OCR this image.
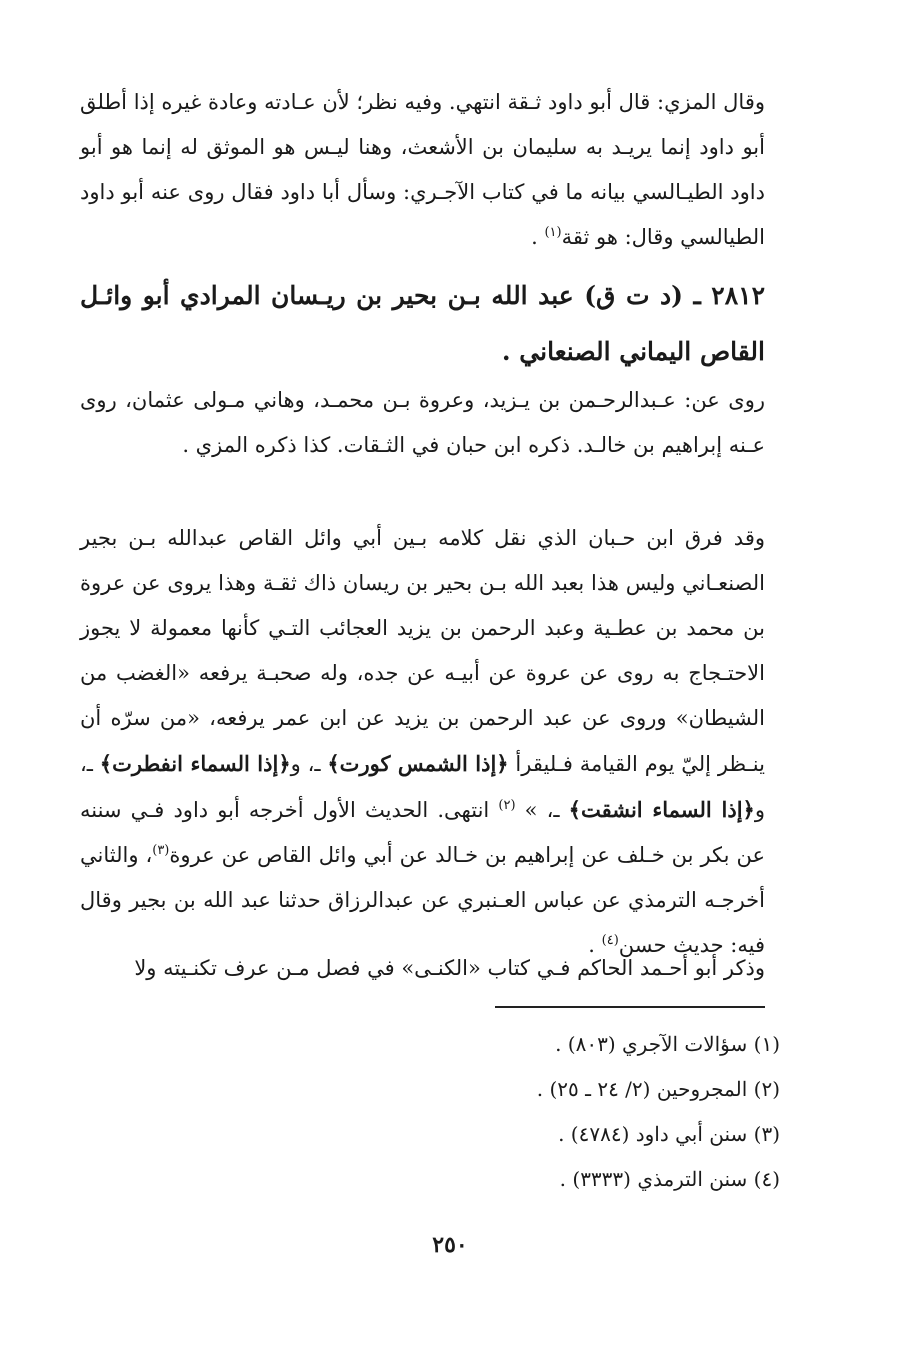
وقال المزي: قال أبو داود ثـقة انتهي. وفيه نظر؛ لأن عـادته وعادة غيره إذا أطلق أبو داود إنما يريـد به سليمان بن الأشعث، وهنا ليـس هو الموثق له إنما هو أبو داود الطيـالسي بيانه ما في كتاب الآجـري: وسأل أبا داود فقال روى عنه أبو داود الطيالسي وقال: هو ثقة$^{(١)}$ .
٢٨١٢ ـ (د ت ق) عبد الله بـن بحير بن ريـسان المرادي أبو وائـل القاص اليماني الصنعاني .
روى عن: عـبدالرحـمن بن يـزيد، وعروة بـن محمـد، وهاني مـولى عثمان، روى عـنه إبراهيم بن خالـد. ذكره ابن حبان في الثـقات. كذا ذكره المزي .
وقد فرق ابن حـبان الذي نقل كلامه بـين أبي وائل القاص عبدالله بـن بجير الصنعـاني وليس هذا بعبد الله بـن بحير بن ريسان ذاك ثقـة وهذا يروى عن عروة بن محمد بن عطـية وعبد الرحمن بن يزيد العجائب التـي كأنها معمولة لا يجوز الاحتـجاج به روى عن عروة عن أبيـه عن جده، وله صحبـة يرفعه «الغضب من الشيطان» وروى عن عبد الرحمن بن يزيد عن ابن عمر يرفعه، «من سرّه أن ينـظر إليّ يوم القيامة فـليقرأ ﴿إذا الشمس كورت﴾ ـ، و﴿إذا السماء انفطرت﴾ ـ، و﴿إذا السماء انشقت﴾ ـ، » $^{(٢)}$ انتهى. الحديث الأول أخرجه أبو داود فـي سننه عن بكر بن خـلف عن إبراهيم بن خـالد عن أبي وائل القاص عن عروة$^{(٣)}$، والثاني أخرجـه الترمذي عن عباس العـنبري عن عبدالرزاق حدثنا عبد الله بن بجير وقال فيه: حديث حسن$^{(٤)}$ .
وذكر أبو أحـمد الحاكم فـي كتاب «الكنـى» في فصل مـن عرف تكنـيته ولا
(١) سؤالات الآجري (٨٠٣) .
(٢) المجروحين (٢/ ٢٤ ـ ٢٥) .
(٣) سنن أبي داود (٤٧٨٤) .
(٤) سنن الترمذي (٣٣٣٣) .
٢٥٠
